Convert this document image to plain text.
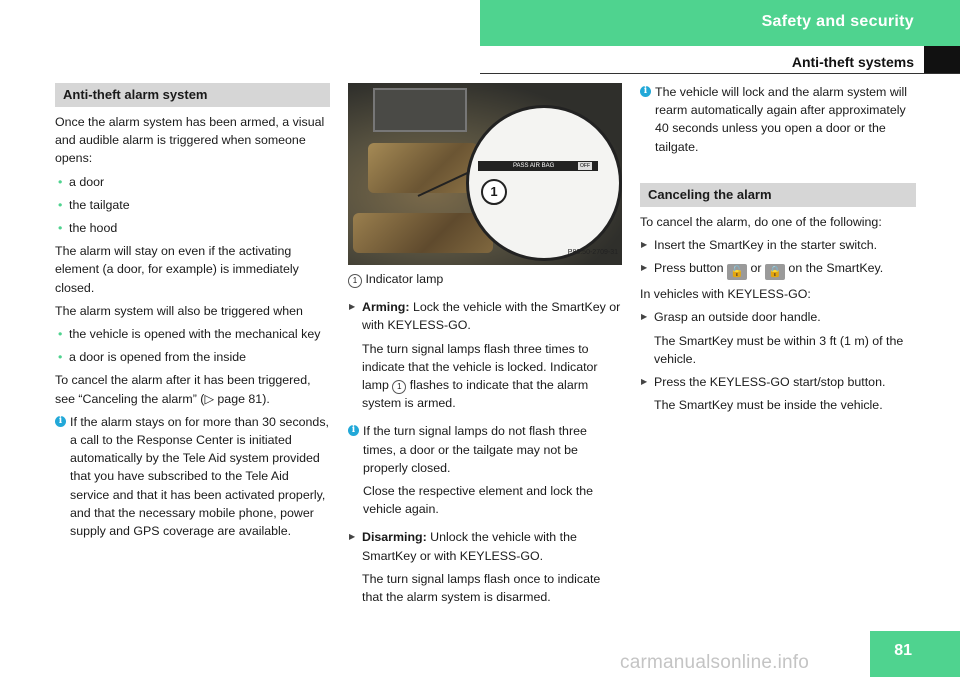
Safety and security
Anti-theft systems
Anti-theft alarm system

Once the alarm system has been armed, a visual and audible alarm is triggered when someone opens:

• a door

• the tailgate

• the hood

The alarm will stay on even if the activating element (a door, for example) is immediately closed.

The alarm system will also be triggered when

• the vehicle is opened with the mechanical key

• a door is opened from the inside

To cancel the alarm after it has been triggered, see “Canceling the alarm” (▷ page 81).

i If the alarm stays on for more than 30 seconds, a call to the Response Center is initiated automatically by the Tele Aid system provided that you have subscribed to the Tele Aid service and that it has been activated properly, and that the necessary mobile phone, power supply and GPS coverage are available.

PASS AIR BAG	OFF
1
P80.50-2709-31

1 Indicator lamp

▶ Arming: Lock the vehicle with the SmartKey or with KEYLESS-GO.

The turn signal lamps flash three times to indicate that the vehicle is locked. Indicator lamp 1 flashes to indicate that the alarm system is armed.

i If the turn signal lamps do not flash three times, a door or the tailgate may not be properly closed.

Close the respective element and lock the vehicle again.

▶ Disarming: Unlock the vehicle with the SmartKey or with KEYLESS-GO.

The turn signal lamps flash once to indicate that the alarm system is disarmed.

i The vehicle will lock and the alarm system will rearm automatically again after approximately 40 seconds unless you open a door or the tailgate.

Canceling the alarm

To cancel the alarm, do one of the following:

▶ Insert the SmartKey in the starter switch.

▶ Press button 🔓 or 🔒 on the SmartKey.

In vehicles with KEYLESS-GO:

▶ Grasp an outside door handle.

The SmartKey must be within 3 ft (1 m) of the vehicle.

▶ Press the KEYLESS-GO start/stop button.

The SmartKey must be inside the vehicle.

81
carmanualsonline.info
